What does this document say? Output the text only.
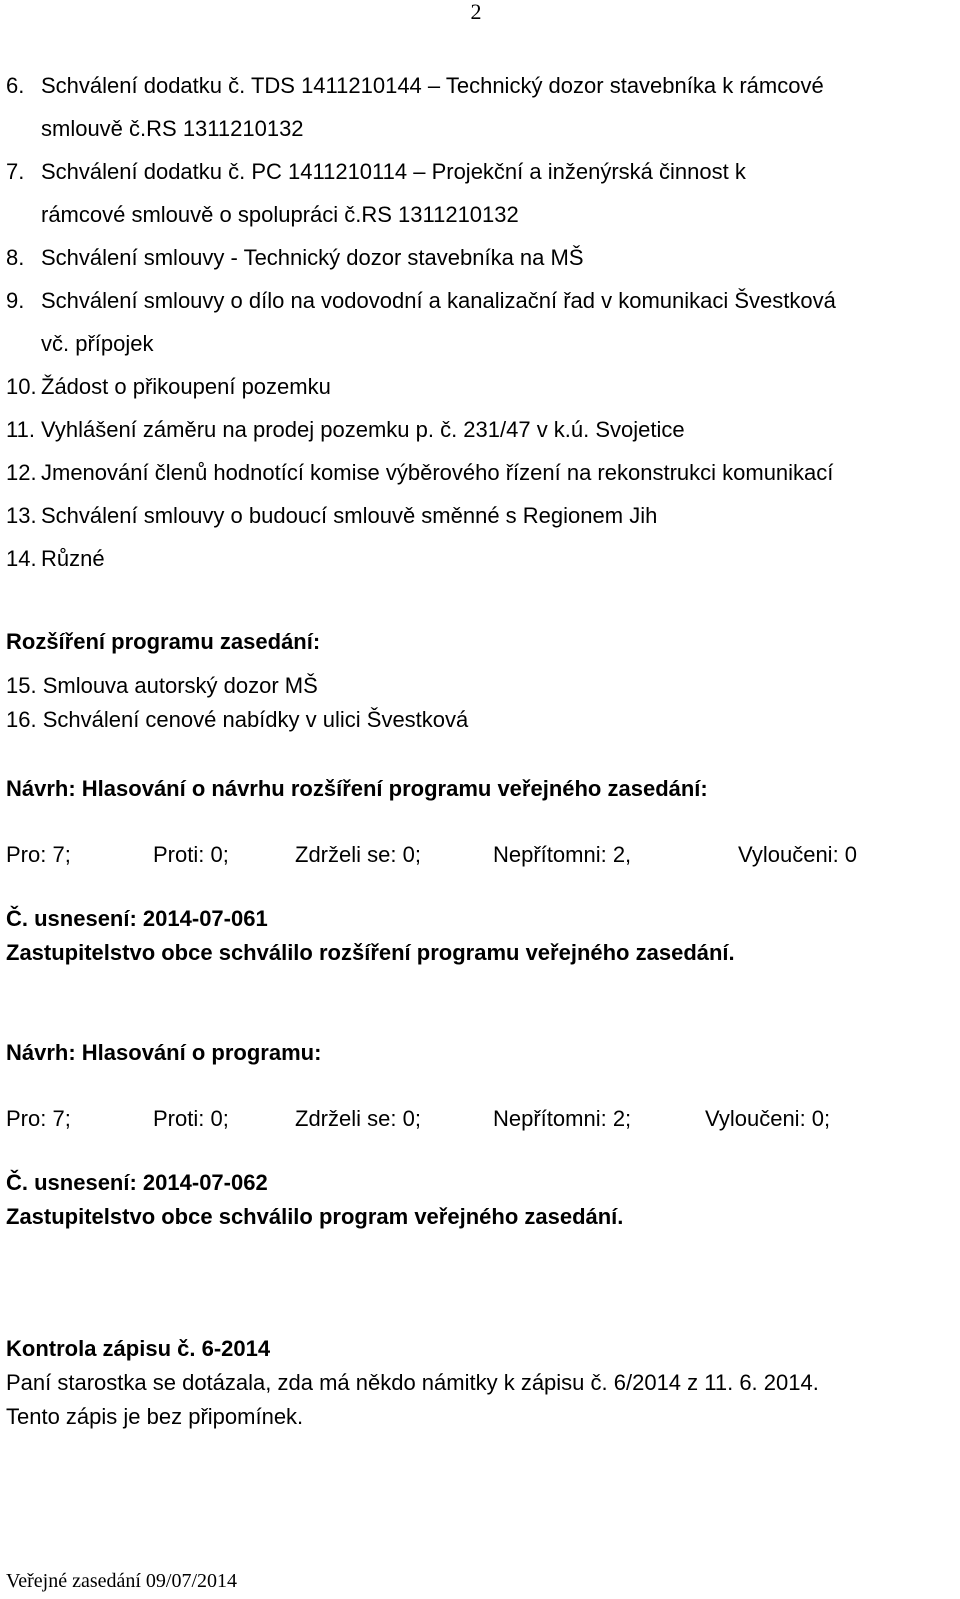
2
6. Schválení dodatku č. TDS 1411210144 – Technický dozor stavebníka k rámcové
smlouvě č.RS 1311210132
7. Schválení dodatku č. PC 1411210114 – Projekční a inženýrská činnost k
rámcové smlouvě o spolupráci č.RS 1311210132
8. Schválení smlouvy - Technický dozor stavebníka na MŠ
9. Schválení smlouvy o dílo na vodovodní a kanalizační řad v komunikaci Švestková
vč. přípojek
10. Žádost o přikoupení pozemku
11. Vyhlášení záměru na prodej pozemku p. č. 231/47 v k.ú. Svojetice
12. Jmenování členů hodnotící komise výběrového řízení na rekonstrukci komunikací
13. Schválení smlouvy o budoucí smlouvě směnné s Regionem Jih
14. Různé
Rozšíření programu zasedání:
15. Smlouva autorský dozor MŠ
16. Schválení cenové nabídky v ulici Švestková
Návrh: Hlasování o návrhu rozšíření programu veřejného zasedání:
Pro: 7;	Proti: 0;	Zdrželi se: 0;	Nepřítomni: 2,	Vyloučeni: 0
Č. usnesení: 2014-07-061
Zastupitelstvo obce schválilo rozšíření programu veřejného zasedání.
Návrh: Hlasování o programu:
Pro: 7;	Proti: 0;	Zdrželi se: 0;	Nepřítomni: 2;	Vyloučeni: 0;
Č. usnesení: 2014-07-062
Zastupitelstvo obce schválilo program veřejného zasedání.
Kontrola zápisu č. 6-2014
Paní starostka se dotázala, zda má někdo námitky k zápisu č. 6/2014 z 11. 6. 2014.
Tento zápis je bez připomínek.
Veřejné zasedání 09/07/2014
